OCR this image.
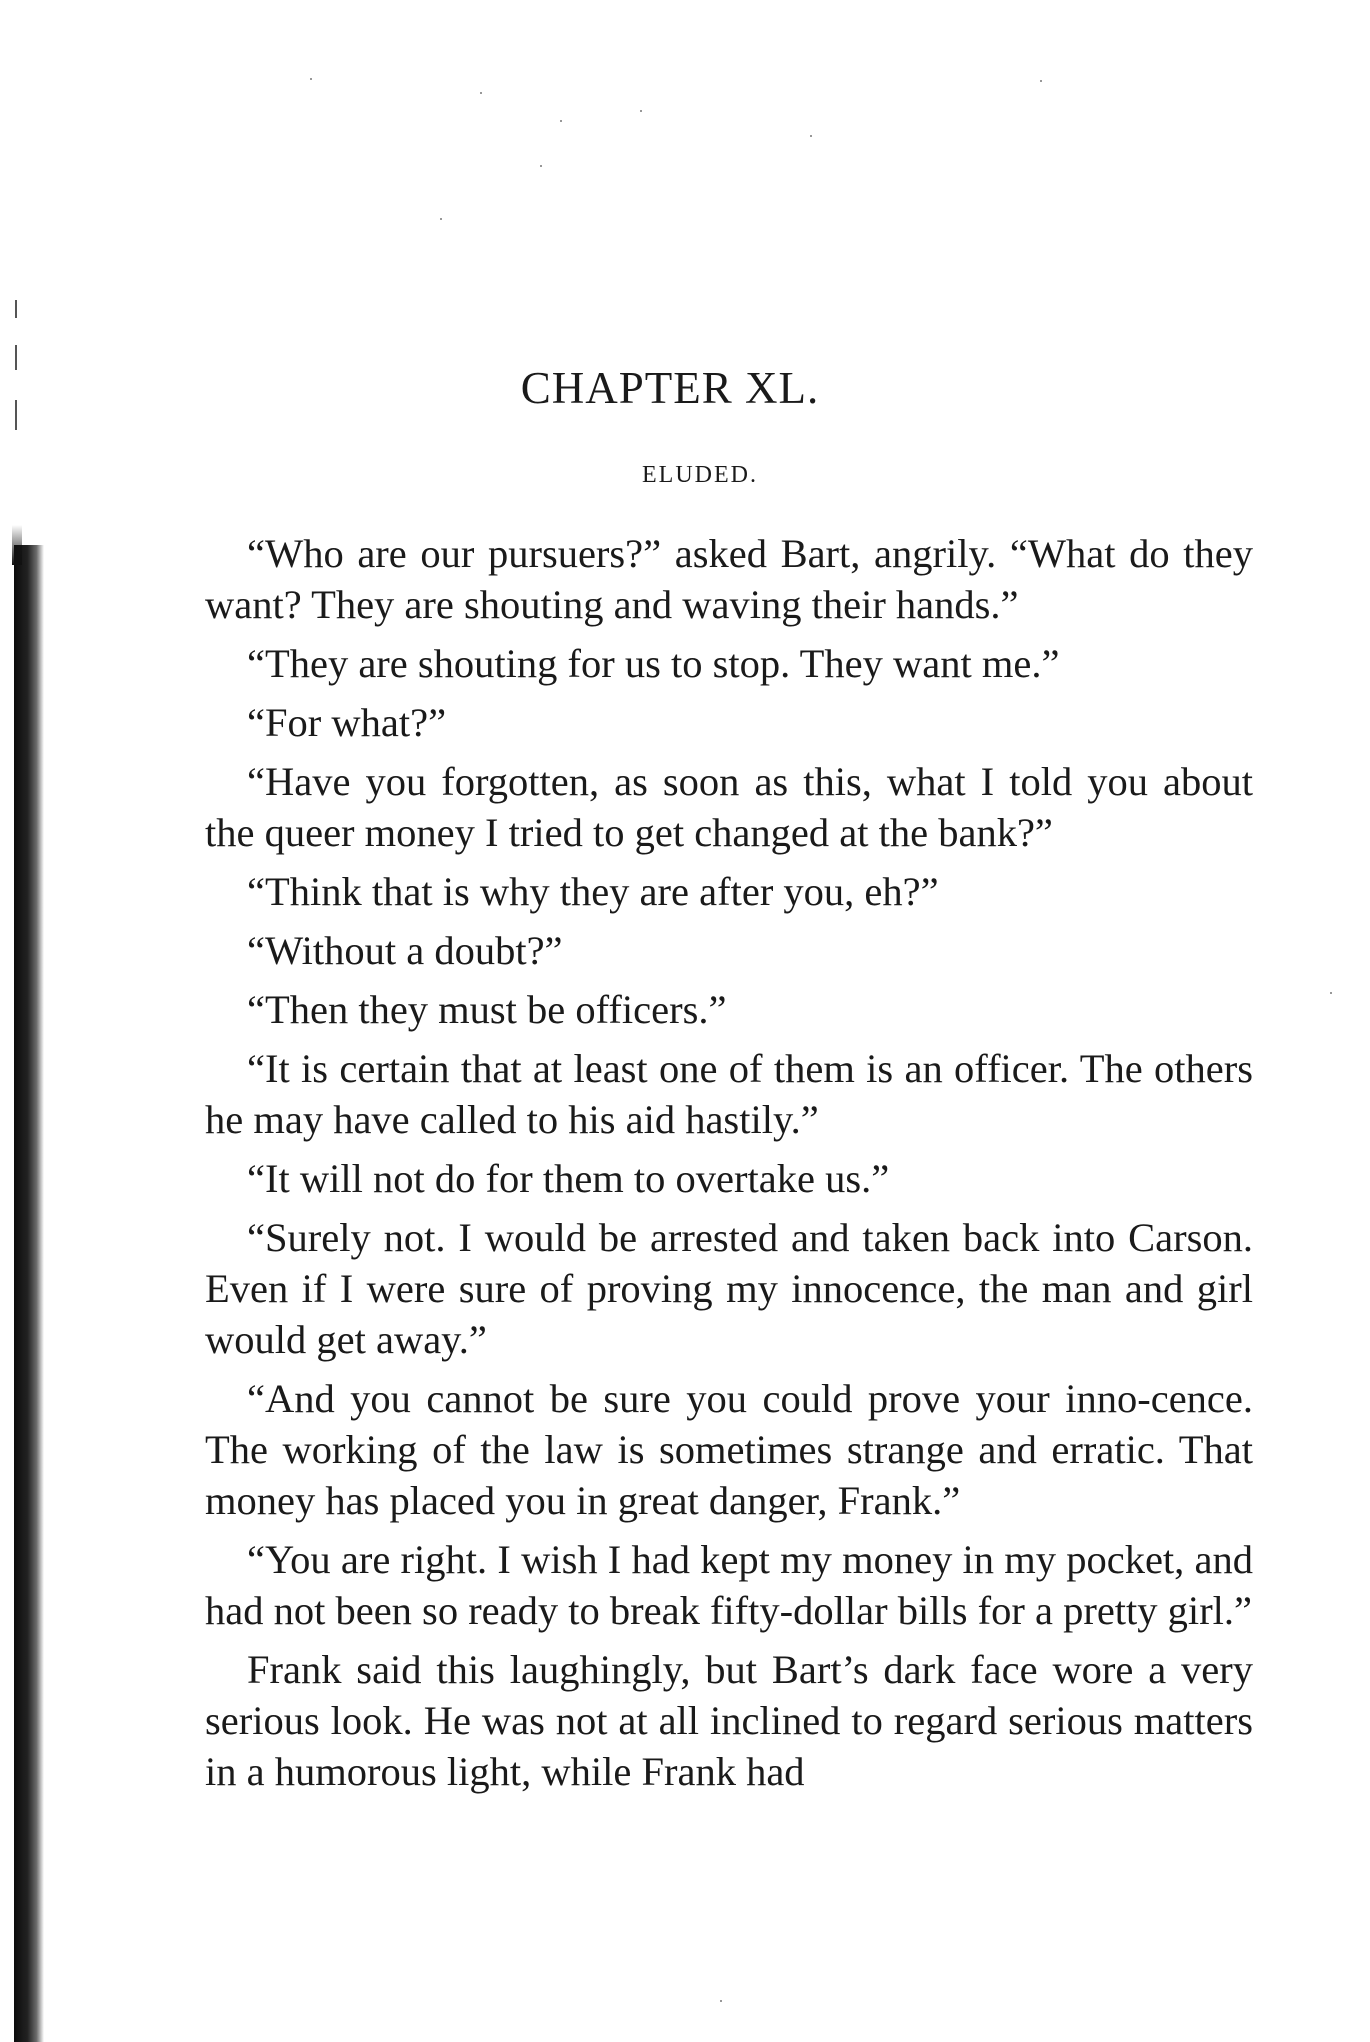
CHAPTER XL.
ELUDED.

“Who are our pursuers?” asked Bart, angrily. “What do they want? They are shouting and waving their hands.”

“They are shouting for us to stop. They want me.”

“For what?”

“Have you forgotten, as soon as this, what I told you about the queer money I tried to get changed at the bank?”

“Think that is why they are after you, eh?”

“Without a doubt?”

“Then they must be officers.”

“It is certain that at least one of them is an officer. The others he may have called to his aid hastily.”

“It will not do for them to overtake us.”

“Surely not. I would be arrested and taken back into Carson. Even if I were sure of proving my innocence, the man and girl would get away.”

“And you cannot be sure you could prove your inno-cence. The working of the law is sometimes strange and erratic. That money has placed you in great danger, Frank.”

“You are right. I wish I had kept my money in my pocket, and had not been so ready to break fifty-dollar bills for a pretty girl.”

Frank said this laughingly, but Bart’s dark face wore a very serious look. He was not at all inclined to regard serious matters in a humorous light, while Frank had
